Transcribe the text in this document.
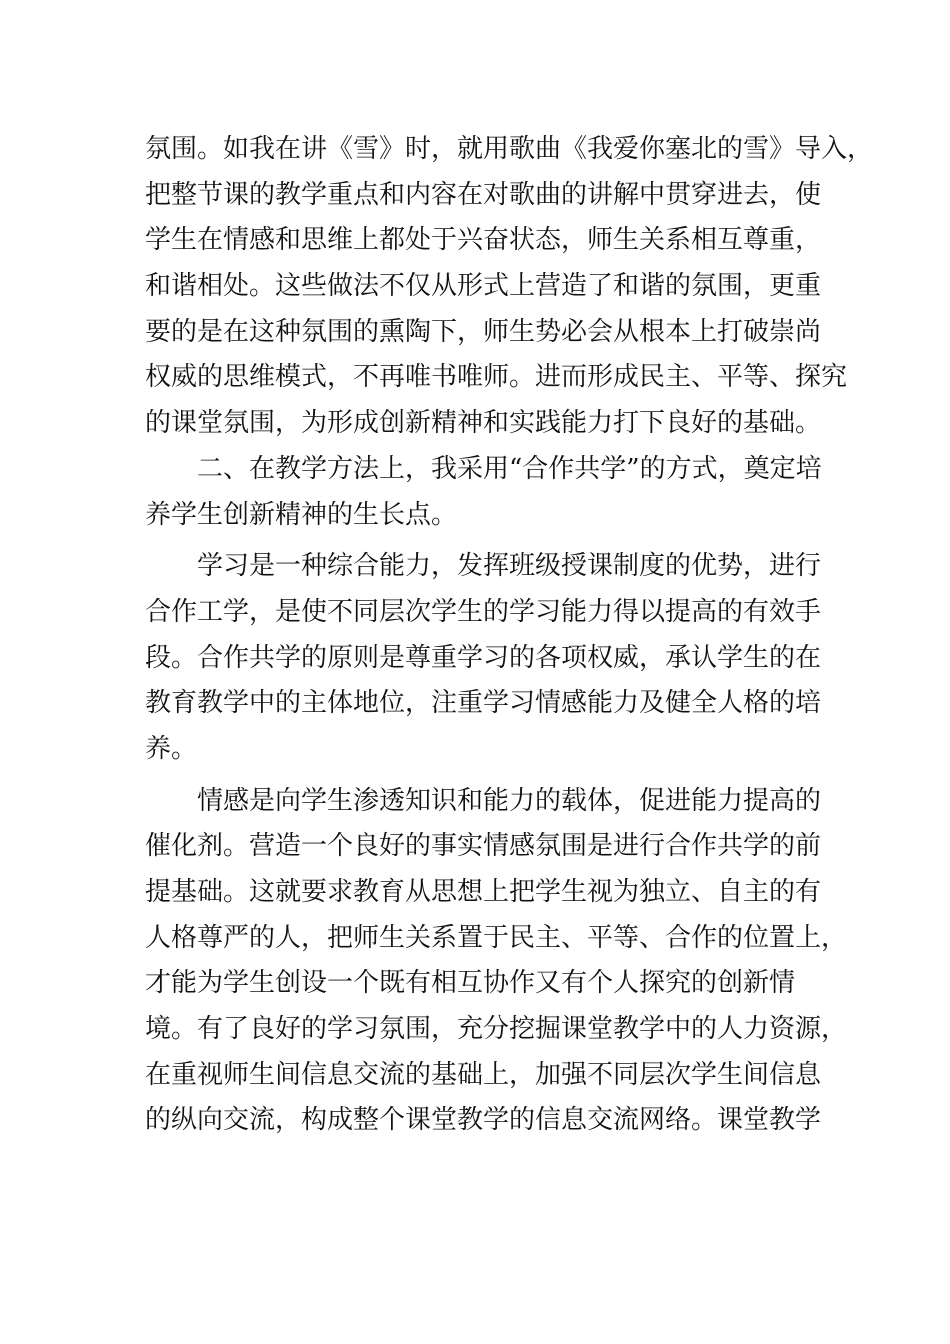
氛围。如我在讲《雪》时，就用歌曲《我爱你塞北的雪》导入，
把整节课的教学重点和内容在对歌曲的讲解中贯穿进去，使
学生在情感和思维上都处于兴奋状态，师生关系相互尊重，
和谐相处。这些做法不仅从形式上营造了和谐的氛围，更重
要的是在这种氛围的熏陶下，师生势必会从根本上打破崇尚
权威的思维模式，不再唯书唯师。进而形成民主、平等、探究
的课堂氛围，为形成创新精神和实践能力打下良好的基础。
二、在教学方法上，我采用“合作共学”的方式，奠定培
养学生创新精神的生长点。
学习是一种综合能力，发挥班级授课制度的优势，进行
合作工学，是使不同层次学生的学习能力得以提高的有效手
段。合作共学的原则是尊重学习的各项权威，承认学生的在
教育教学中的主体地位，注重学习情感能力及健全人格的培
养。
情感是向学生渗透知识和能力的载体，促进能力提高的
催化剂。营造一个良好的事实情感氛围是进行合作共学的前
提基础。这就要求教育从思想上把学生视为独立、自主的有
人格尊严的人，把师生关系置于民主、平等、合作的位置上，
才能为学生创设一个既有相互协作又有个人探究的创新情
境。有了良好的学习氛围，充分挖掘课堂教学中的人力资源，
在重视师生间信息交流的基础上，加强不同层次学生间信息
的纵向交流，构成整个课堂教学的信息交流网络。课堂教学
